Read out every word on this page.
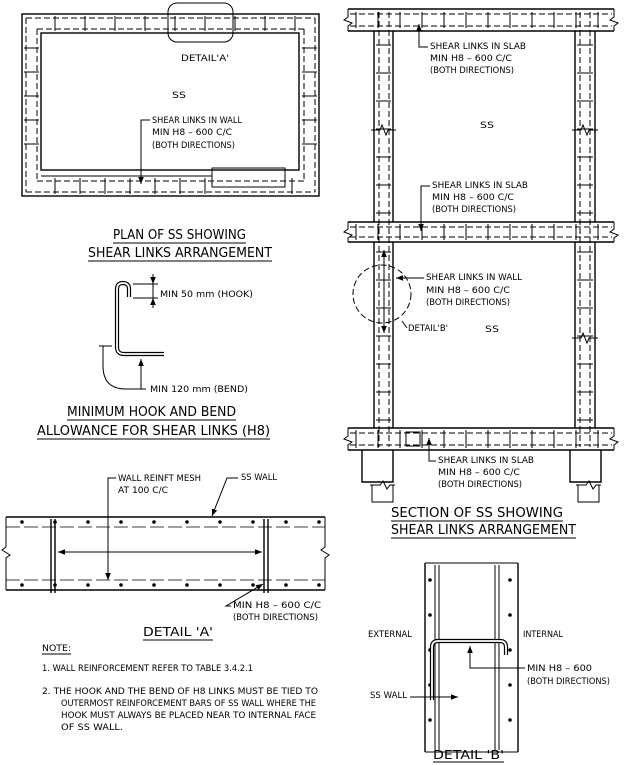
DETAIL'A'
SS
SHEAR LINKS IN WALL
MIN H8 – 600 C/C
(BOTH DIRECTIONS)
PLAN OF SS SHOWING
SHEAR LINKS ARRANGEMENT
MIN 50 mm (HOOK)
MIN 120 mm (BEND)
MINIMUM HOOK AND BEND
ALLOWANCE FOR SHEAR LINKS (H8)
WALL REINFT MESH
AT 100 C/C
SS WALL
MIN H8 – 600 C/C
(BOTH DIRECTIONS)
DETAIL 'A'
NOTE:
1. WALL REINFORCEMENT REFER TO TABLE 3.4.2.1
2. THE HOOK AND THE BEND OF H8 LINKS MUST BE TIED TO
OUTERMOST REINFORCEMENT BARS OF SS WALL WHERE THE
HOOK MUST ALWAYS BE PLACED NEAR TO INTERNAL FACE
OF SS WALL.
SHEAR LINKS IN SLAB
MIN H8 – 600 C/C
(BOTH DIRECTIONS)
SS
SHEAR LINKS IN SLAB
MIN H8 – 600 C/C
(BOTH DIRECTIONS)
SHEAR LINKS IN WALL
MIN H8 – 600 C/C
(BOTH DIRECTIONS)
DETAIL'B'	SS
SHEAR LINKS IN SLAB
MIN H8 – 600 C/C
(BOTH DIRECTIONS)
SECTION OF SS SHOWING
SHEAR LINKS ARRANGEMENT
EXTERNAL	INTERNAL
MIN H8 – 600
(BOTH DIRECTIONS)
SS WALL
DETAIL 'B'
